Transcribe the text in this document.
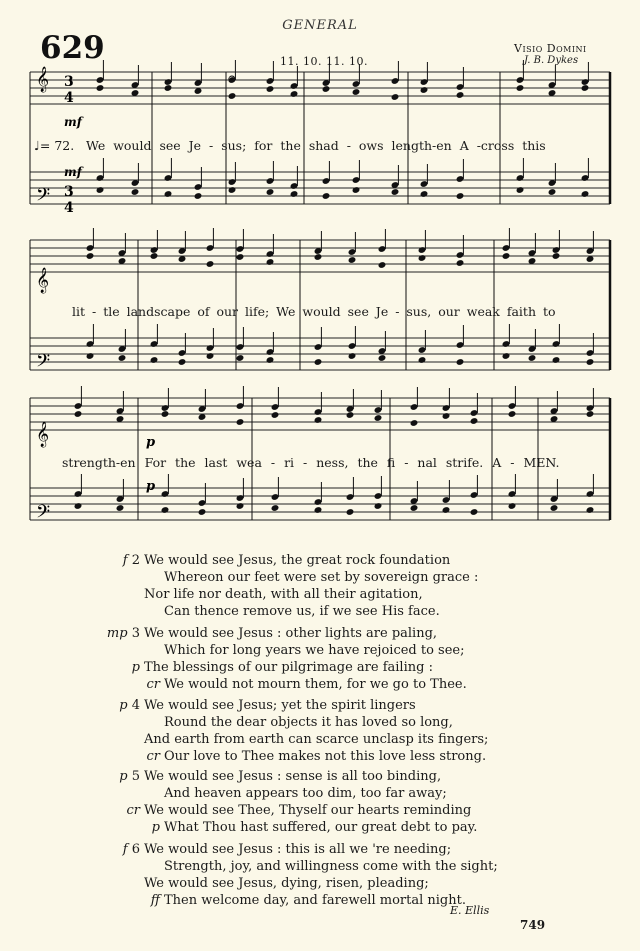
GENERAL
629	11. 10. 11. 10.
Visio Domini
J. B. Dykes
𝄞
𝄢
𝄞
𝄢
𝄞
𝄢
3
4
3
4
mf
mf
p
p
𝄐
♩= 72. We would see Je - sus; for the shad - ows length-en A -cross this
lit - tle landscape of our life; We would see Je - sus, our weak faith to
strength-en For the last wea - ri - ness, the fi - nal strife. A - MEN.
f 2 We would see Jesus, the great rock foundation
Whereon our feet were set by sovereign grace :
Nor life nor death, with all their agitation,
Can thence remove us, if we see His face.
mp 3 We would see Jesus : other lights are paling,
Which for long years we have rejoiced to see;
p The blessings of our pilgrimage are failing :
cr We would not mourn them, for we go to Thee.
p 4 We would see Jesus; yet the spirit lingers
Round the dear objects it has loved so long,
And earth from earth can scarce unclasp its fingers;
cr Our love to Thee makes not this love less strong.
p 5 We would see Jesus : sense is all too binding,
And heaven appears too dim, too far away;
cr We would see Thee, Thyself our hearts reminding
p What Thou hast suffered, our great debt to pay.
f 6 We would see Jesus : this is all we 're needing;
Strength, joy, and willingness come with the sight;
We would see Jesus, dying, risen, pleading;
ff Then welcome day, and farewell mortal night.
E. Ellis
749
